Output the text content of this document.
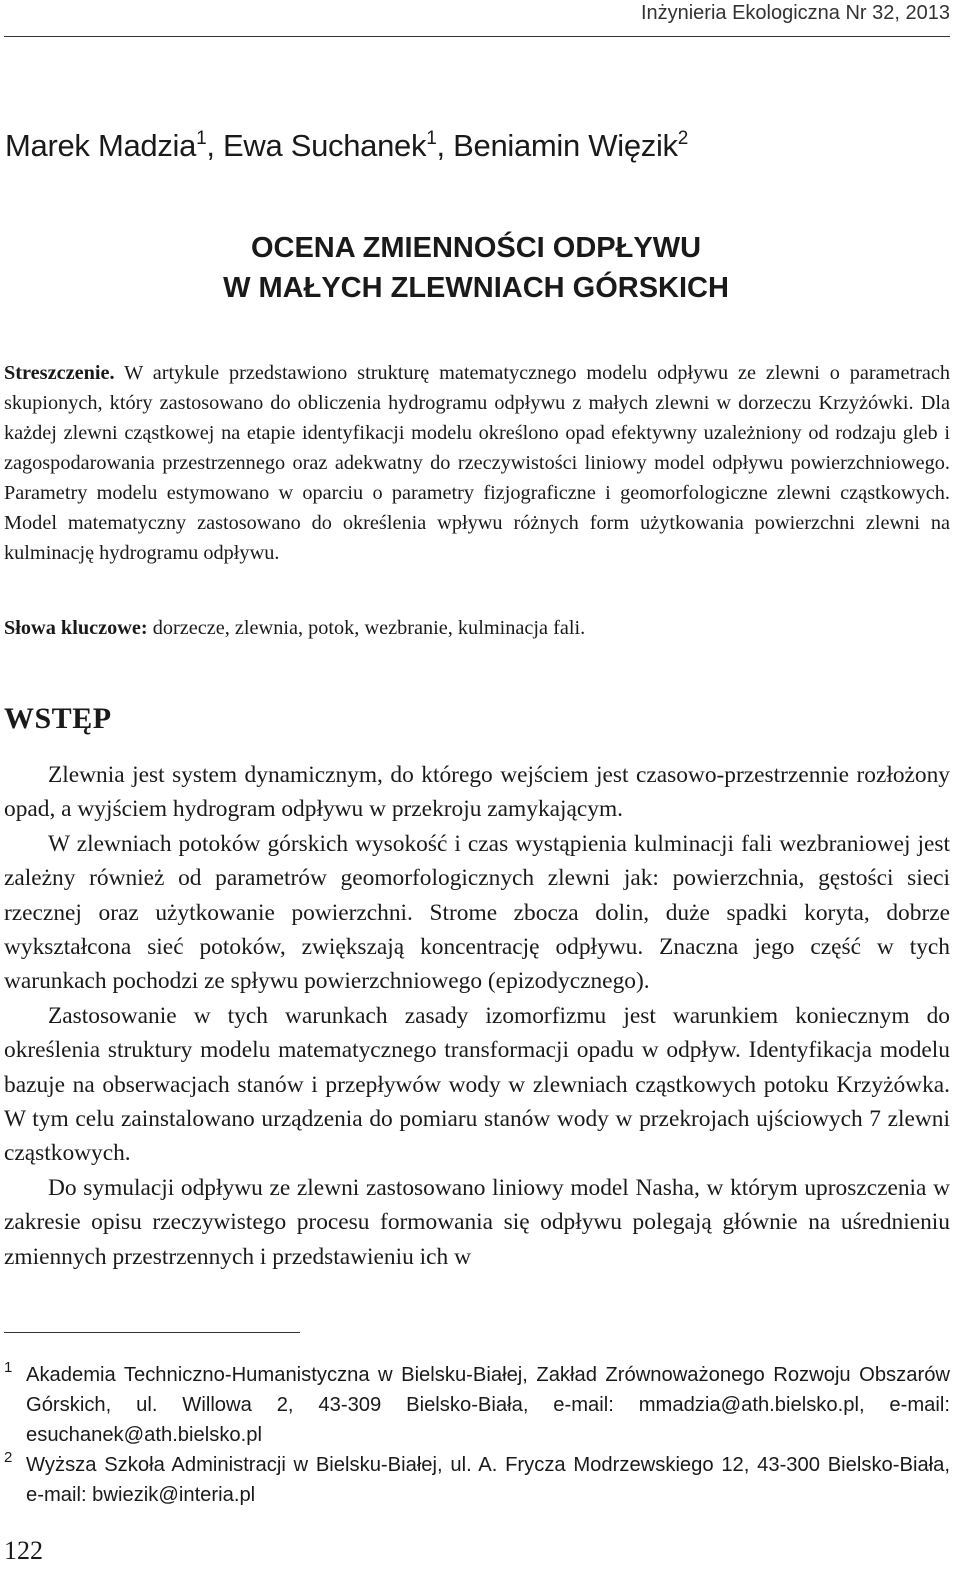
Inżynieria Ekologiczna Nr 32, 2013
Marek Madzia$^1$, Ewa Suchanek$^1$, Beniamin Więzik$^2$
OCENA ZMIENNOŚCI ODPŁYWU
W MAŁYCH ZLEWNIACH GÓRSKICH
Streszczenie. W artykule przedstawiono strukturę matematycznego modelu odpływu ze zlewni o parametrach skupionych, który zastosowano do obliczenia hydrogramu odpływu z małych zlewni w dorzeczu Krzyżówki. Dla każdej zlewni cząstkowej na etapie identyfikacji modelu określono opad efektywny uzależniony od rodzaju gleb i zagospodarowania przestrzennego oraz adekwatny do rzeczywistości liniowy model odpływu powierzchniowego. Parametry modelu estymowano w oparciu o parametry fizjograficzne i geomorfologiczne zlewni cząstkowych. Model matematyczny zastosowano do określenia wpływu różnych form użytkowania powierzchni zlewni na kulminację hydrogramu odpływu.
Słowa kluczowe: dorzecze, zlewnia, potok, wezbranie, kulminacja fali.
WSTĘP

Zlewnia jest system dynamicznym, do którego wejściem jest czasowo-przestrzennie rozłożony opad, a wyjściem hydrogram odpływu w przekroju zamykającym.

W zlewniach potoków górskich wysokość i czas wystąpienia kulminacji fali wezbraniowej jest zależny również od parametrów geomorfologicznych zlewni jak: powierzchnia, gęstości sieci rzecznej oraz użytkowanie powierzchni. Strome zbocza dolin, duże spadki koryta, dobrze wykształcona sieć potoków, zwiększają koncentrację odpływu. Znaczna jego część w tych warunkach pochodzi ze spływu powierzchniowego (epizodycznego).

Zastosowanie w tych warunkach zasady izomorfizmu jest warunkiem koniecznym do określenia struktury modelu matematycznego transformacji opadu w odpływ. Identyfikacja modelu bazuje na obserwacjach stanów i przepływów wody w zlewniach cząstkowych potoku Krzyżówka. W tym celu zainstalowano urządzenia do pomiaru stanów wody w przekrojach ujściowych 7 zlewni cząstkowych.

Do symulacji odpływu ze zlewni zastosowano liniowy model Nasha, w którym uproszczenia w zakresie opisu rzeczywistego procesu formowania się odpływu polegają głównie na uśrednieniu zmiennych przestrzennych i przedstawieniu ich w

1 Akademia Techniczno-Humanistyczna w Bielsku-Białej, Zakład Zrównoważonego Rozwoju Obszarów Górskich, ul. Willowa 2, 43-309 Bielsko-Biała, e-mail: mmadzia@ath.bielsko.pl, e-mail: esuchanek@ath.bielsko.pl
2 Wyższa Szkoła Administracji w Bielsku-Białej, ul. A. Frycza Modrzewskiego 12, 43-300 Bielsko-Biała, e-mail: bwiezik@interia.pl
122
